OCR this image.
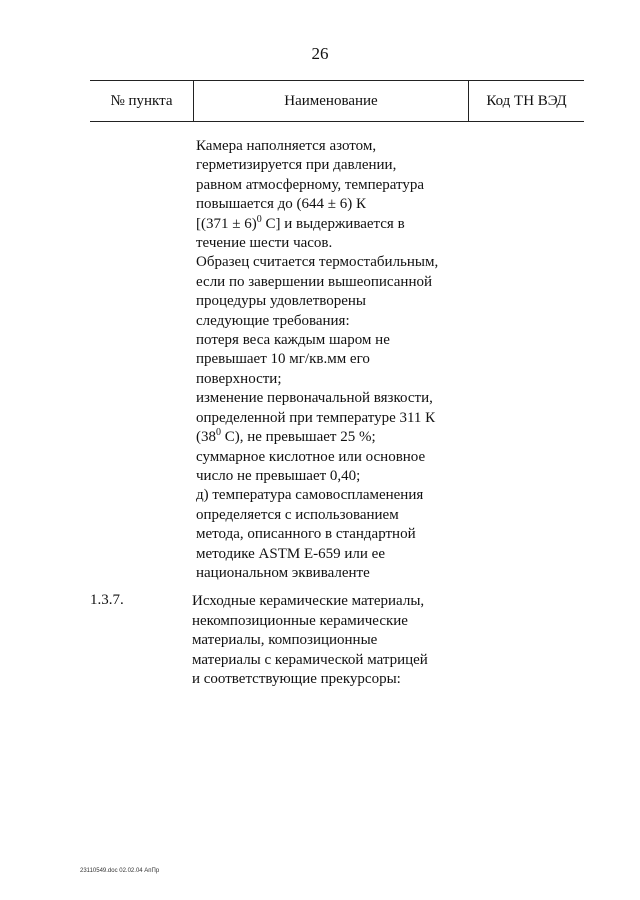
26
№ пункта	Наименование	Код ТН ВЭД
Камера наполняется азотом,
герметизируется при давлении,
равном атмосферному, температура
повышается до (644 ± 6) К
[$(371 \pm 6)^0$ С] и выдерживается в
течение шести часов.
Образец считается термостабильным,
если по завершении вышеописанной
процедуры удовлетворены
следующие требования:
потеря веса каждым шаром не
превышает 10 мг/кв.мм его
поверхности;
изменение первоначальной вязкости,
определенной при температуре 311 К
($38^0$ С), не превышает 25 %;
суммарное кислотное или основное
число не превышает 0,40;
д) температура самовоспламенения
определяется с использованием
метода, описанного в стандартной
методике ASTM E-659 или ее
национальном эквиваленте
1.3.7.	Исходные керамические материалы,
некомпозиционные керамические
материалы, композиционные
материалы с керамической матрицей
и соответствующие прекурсоры:
23110549.doc 02.02.04 АпПр
